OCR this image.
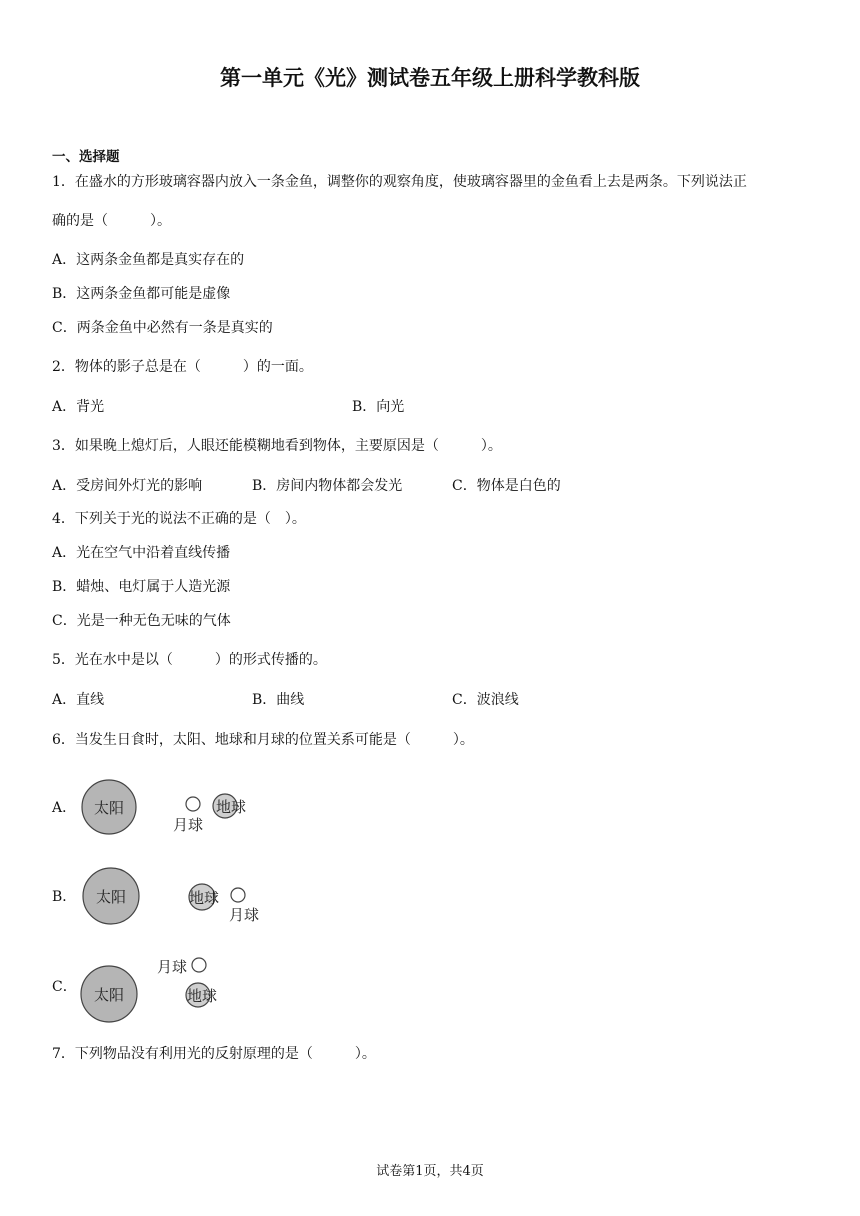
第一单元《光》测试卷五年级上册科学教科版
一、选择题
1．在盛水的方形玻璃容器内放入一条金鱼，调整你的观察角度，使玻璃容器里的金鱼看上去是两条。下列说法正
确的是（　　　）。
A．这两条金鱼都是真实存在的
B．这两条金鱼都可能是虚像
C．两条金鱼中必然有一条是真实的
2．物体的影子总是在（　　　）的一面。
A．背光	B．向光
3．如果晚上熄灯后，人眼还能模糊地看到物体，主要原因是（　　　）。
A．受房间外灯光的影响	B．房间内物体都会发光	C．物体是白色的
4．下列关于光的说法不正确的是（　）。
A．光在空气中沿着直线传播
B．蜡烛、电灯属于人造光源
C．光是一种无色无味的气体
5．光在水中是以（　　　）的形式传播的。
A．直线	B．曲线	C．波浪线
6．当发生日食时，太阳、地球和月球的位置关系可能是（　　　）。
A． 太阳
月球
地球
B． 太阳	地球
月球
C．
月球
太阳	地球
7．下列物品没有利用光的反射原理的是（　　　）。
试卷第1页，共4页
